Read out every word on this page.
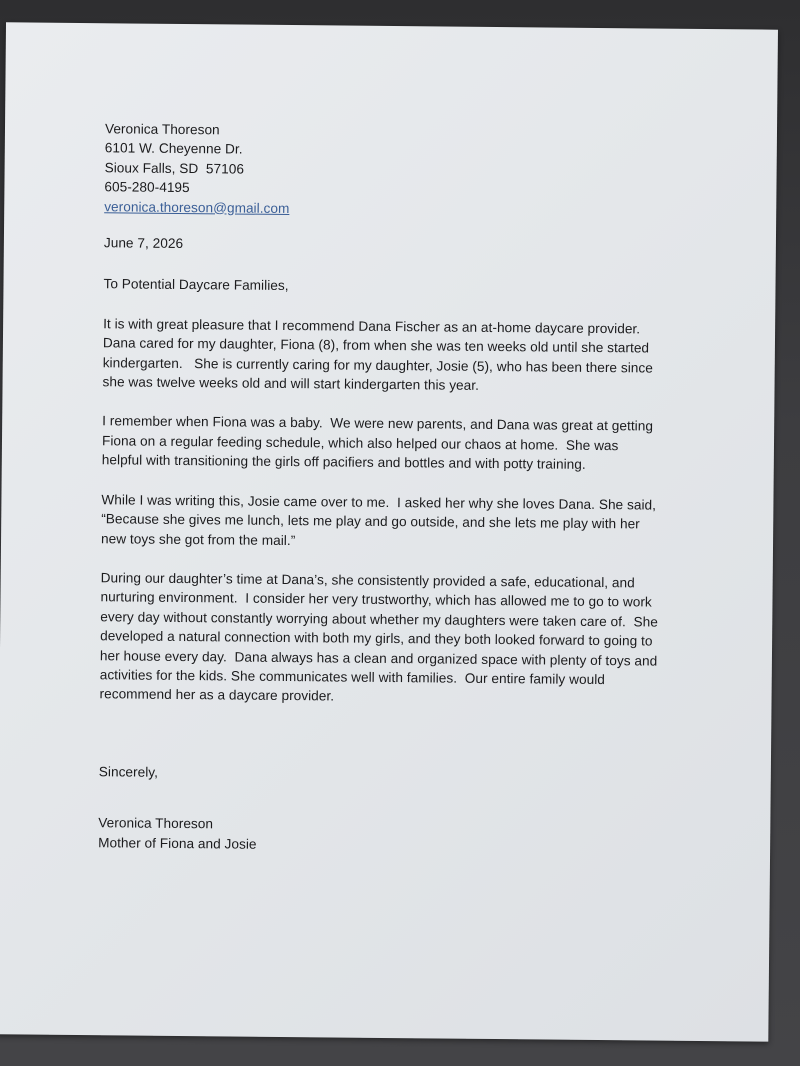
Veronica Thoreson
6101 W. Cheyenne Dr.
Sioux Falls, SD  57106
605-280-4195
veronica.thoreson@gmail.com
June 7, 2026
To Potential Daycare Families,

It is with great pleasure that I recommend Dana Fischer as an at-home daycare provider.
Dana cared for my daughter, Fiona (8), from when she was ten weeks old until she started
kindergarten.   She is currently caring for my daughter, Josie (5), who has been there since
she was twelve weeks old and will start kindergarten this year.

I remember when Fiona was a baby.  We were new parents, and Dana was great at getting
Fiona on a regular feeding schedule, which also helped our chaos at home.  She was
helpful with transitioning the girls off pacifiers and bottles and with potty training.

While I was writing this, Josie came over to me.  I asked her why she loves Dana. She said,
“Because she gives me lunch, lets me play and go outside, and she lets me play with her
new toys she got from the mail.”

During our daughter’s time at Dana’s, she consistently provided a safe, educational, and
nurturing environment.  I consider her very trustworthy, which has allowed me to go to work
every day without constantly worrying about whether my daughters were taken care of.  She
developed a natural connection with both my girls, and they both looked forward to going to
her house every day.  Dana always has a clean and organized space with plenty of toys and
activities for the kids. She communicates well with families.  Our entire family would
recommend her as a daycare provider.

Sincerely,
Veronica Thoreson
Mother of Fiona and Josie
